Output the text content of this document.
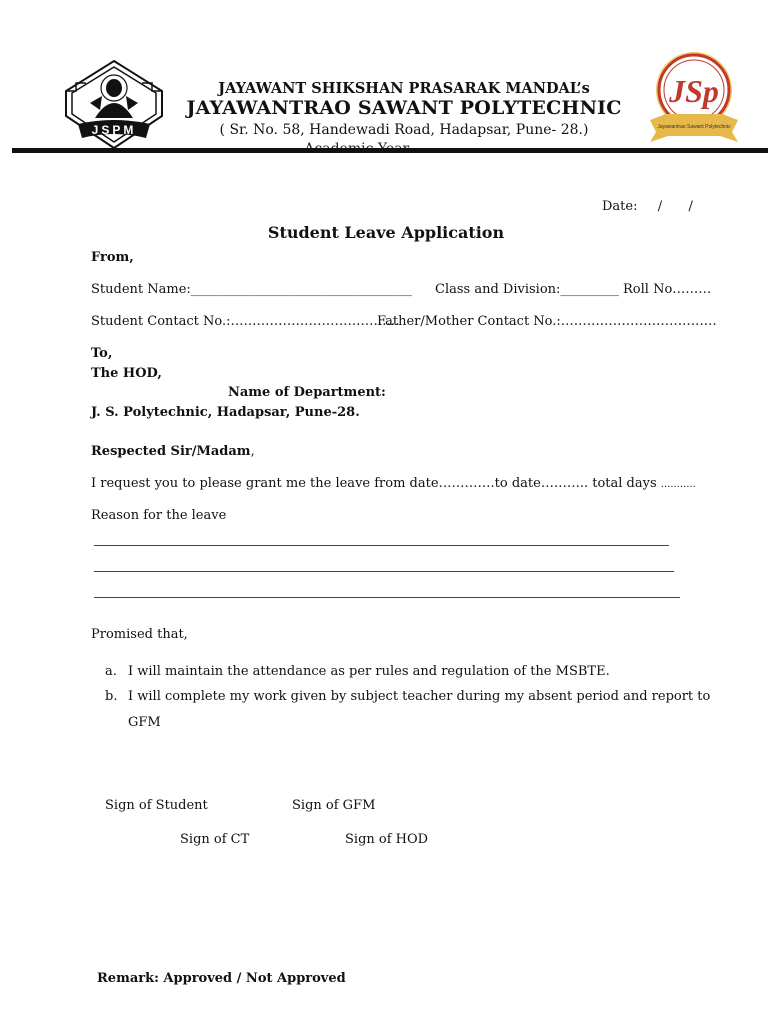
JSPM
JAYAWANT SHIKSHAN PRASARAK MANDAL’s
JAYAWANTRAO SAWANT POLYTECHNIC
( Sr. No. 58, Handewadi Road, Hadapsar, Pune- 28.)
JSp
Jayawantrao Sawant Polytechnic
Date: / /
Student Leave Application
From,
Student Name:__________________________________ Class and Division:_________ Roll No………
Student Contact No.:…………………………………
Father/Mother Contact No.:………………………………
To,
The HOD,
Name of Department:
J. S. Polytechnic, Hadapsar, Pune-28.
Respected Sir/Madam,
I request you to please grant me the leave from date………….to date……….. total days ...........
Reason for the leave
Promised that,
a. I will maintain the attendance as per rules and regulation of the MSBTE.
b. I will complete my work given by subject teacher during my absent period and report to
GFM
Sign of Student	Sign of GFM
Sign of CT	Sign of HOD
Remark: Approved / Not Approved
